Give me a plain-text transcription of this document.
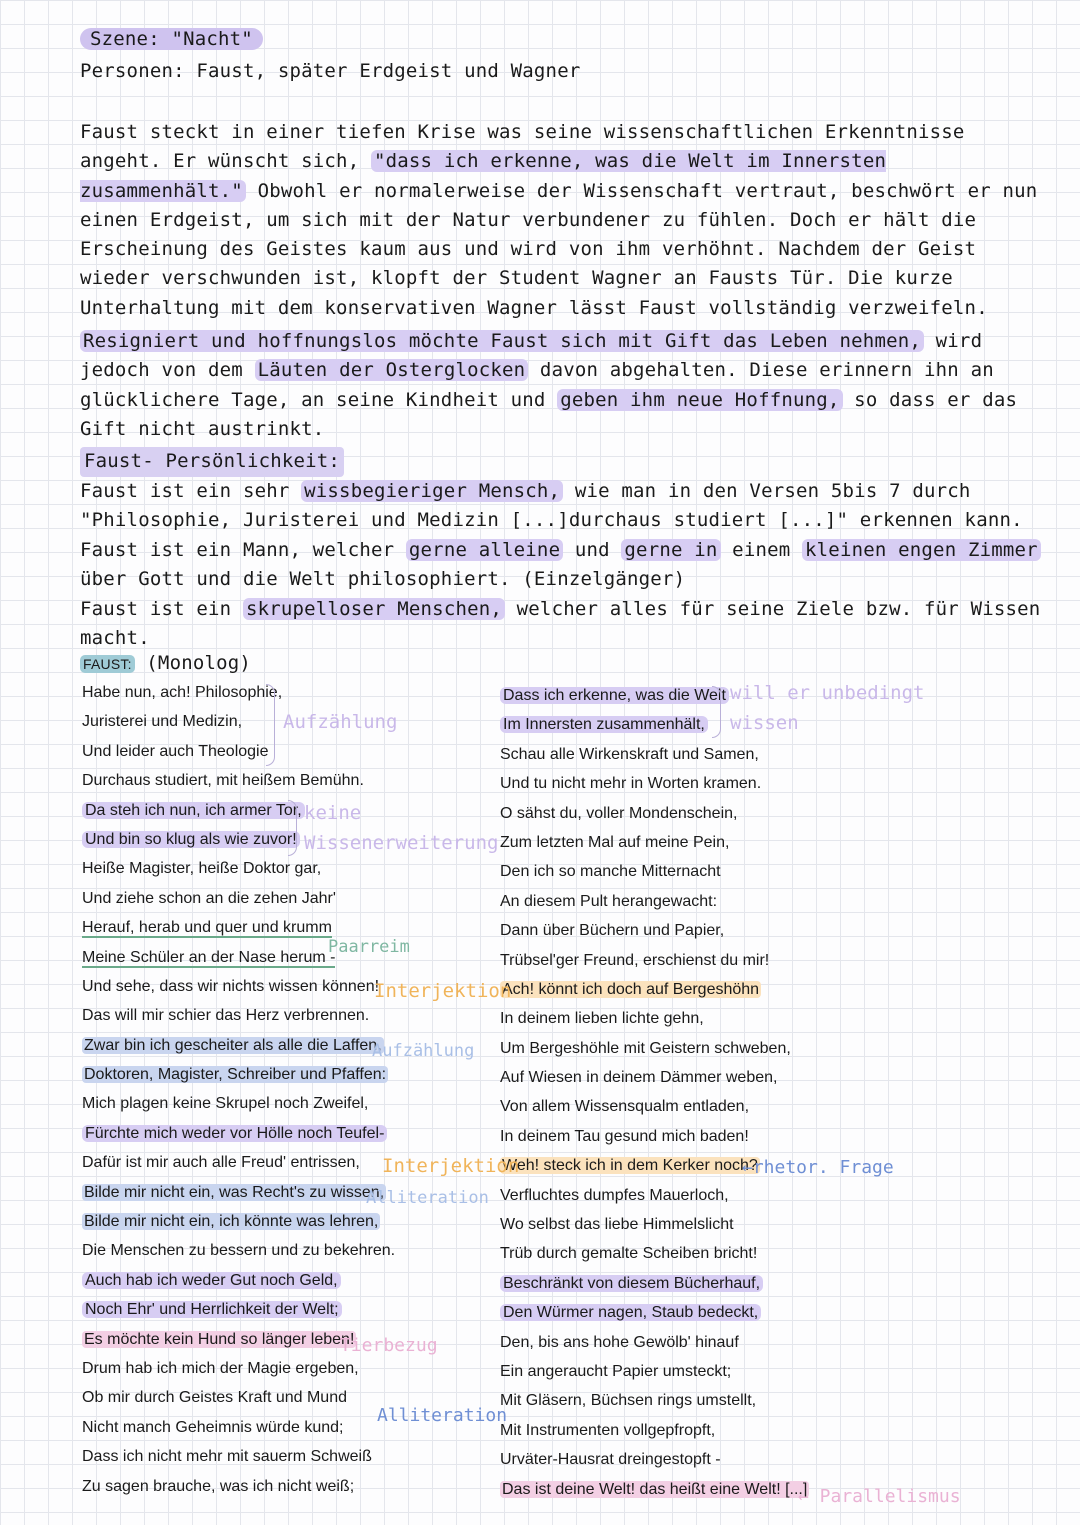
Szene: "Nacht"
Personen: Faust, später Erdgeist und Wagner

Faust steckt in einer tiefen Krise was seine wissenschaftlichen Erkenntnisse angeht. Er wünscht sich, "dass ich erkenne, was die Welt im Innersten zusammenhält." Obwohl er normalerweise der Wissenschaft vertraut, beschwört er nun einen Erdgeist, um sich mit der Natur verbundener zu fühlen. Doch er hält die Erscheinung des Geistes kaum aus und wird von ihm verhöhnt. Nachdem der Geist wieder verschwunden ist, klopft der Student Wagner an Fausts Tür. Die kurze Unterhaltung mit dem konservativen Wagner lässt Faust vollständig verzweifeln.

Resigniert und hoffnungslos möchte Faust sich mit Gift das Leben nehmen, wird jedoch von dem Läuten der Osterglocken davon abgehalten. Diese erinnern ihn an glücklichere Tage, an seine Kindheit und geben ihm neue Hoffnung, so dass er das Gift nicht austrinkt.

Faust- Persönlichkeit:

Faust ist ein sehr wissbegieriger Mensch, wie man in den Versen 5bis 7 durch "Philosophie, Juristerei und Medizin [...]durchaus studiert [...]" erkennen kann.

Faust ist ein Mann, welcher gerne alleine und gerne in einem kleinen engen Zimmer über Gott und die Welt philosophiert. (Einzelgänger)

Faust ist ein skrupelloser Menschen, welcher alles für seine Ziele bzw. für Wissen macht.

FAUST: (Monolog)
Habe nun, ach! Philosophie,
Juristerei und Medizin,
Und leider auch Theologie
Durchaus studiert, mit heißem Bemühn.
Da steh ich nun, ich armer Tor,
Und bin so klug als wie zuvor!
Heiße Magister, heiße Doktor gar,
Und ziehe schon an die zehen Jahr'
Herauf, herab und quer und krumm
Meine Schüler an der Nase herum -
Und sehe, dass wir nichts wissen können!
Das will mir schier das Herz verbrennen.
Zwar bin ich gescheiter als alle die Laffen,
Doktoren, Magister, Schreiber und Pfaffen:
Mich plagen keine Skrupel noch Zweifel,
Fürchte mich weder vor Hölle noch Teufel-
Dafür ist mir auch alle Freud' entrissen,
Bilde mir nicht ein, was Recht's zu wissen,
Bilde mir nicht ein, ich könnte was lehren,
Die Menschen zu bessern und zu bekehren.
Auch hab ich weder Gut noch Geld,
Noch Ehr' und Herrlichkeit der Welt;
Es möchte kein Hund so länger leben!
Drum hab ich mich der Magie ergeben,
Ob mir durch Geistes Kraft und Mund
Nicht manch Geheimnis würde kund;
Dass ich nicht mehr mit sauerm Schweiß
Zu sagen brauche, was ich nicht weiß;
Dass ich erkenne, was die Welt
Im Innersten zusammenhält,
Schau alle Wirkenskraft und Samen,
Und tu nicht mehr in Worten kramen.
O sähst du, voller Mondenschein,
Zum letzten Mal auf meine Pein,
Den ich so manche Mitternacht
An diesem Pult herangewacht:
Dann über Büchern und Papier,
Trübsel'ger Freund, erschienst du mir!
Ach! könnt ich doch auf Bergeshöhn
In deinem lieben lichte gehn,
Um Bergeshöhle mit Geistern schweben,
Auf Wiesen in deinem Dämmer weben,
Von allem Wissensqualm entladen,
In deinem Tau gesund mich baden!
Weh! steck ich in dem Kerker noch?
Verfluchtes dumpfes Mauerloch,
Wo selbst das liebe Himmelslicht
Trüb durch gemalte Scheiben bricht!
Beschränkt von diesem Bücherhauf,
Den Würmer nagen, Staub bedeckt,
Den, bis ans hohe Gewölb' hinauf
Ein angeraucht Papier umsteckt;
Mit Gläsern, Büchsen rings umstellt,
Mit Instrumenten vollgepfropft,
Urväter-Hausrat dreingestopft -
Das ist deine Welt! das heißt eine Welt! [...]
Aufzählung
keine
Wissenerweiterung
Paarreim
Interjektion
Aufzählung
Interjektion
Alliteration
Tierbezug
Alliteration
will er unbedingt
wissen
←rhetor. Frage
← Parallelismus
